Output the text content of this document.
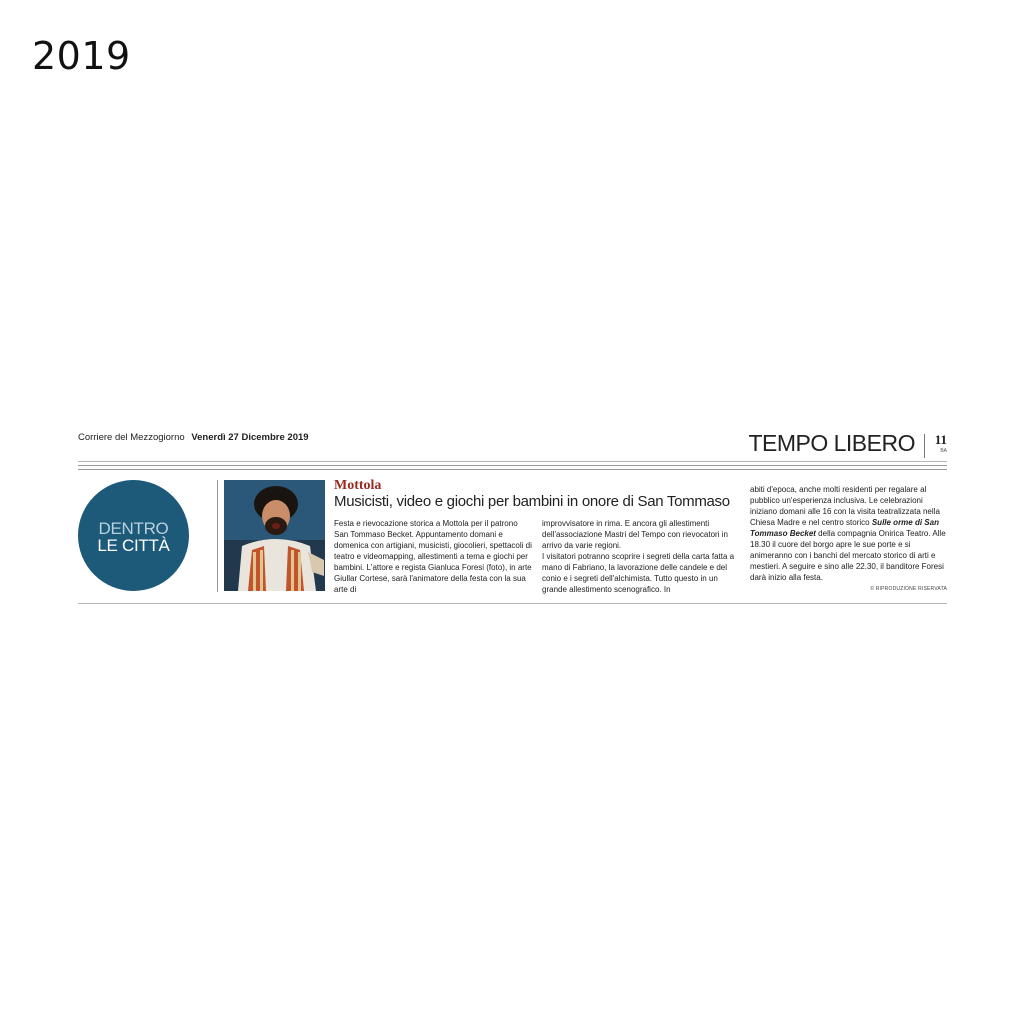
2019
Corriere del Mezzogiorno Venerdì 27 Dicembre 2019	TEMPO LIBERO 11
BA
DENTRO
LE CITTÀ
Mottola
Musicisti, video e giochi per bambini in onore di San Tommaso

Festa e rievocazione storica a Mottola per il patrono San Tommaso Becket. Appuntamento domani e domenica con artigiani, musicisti, giocolieri, spettacoli di teatro e videomapping, allestimenti a tema e giochi per bambini. L'attore e regista Gianluca Foresi (foto), in arte Giullar Cortese, sarà l'animatore della festa con la sua arte di

improvvisatore in rima. E ancora gli allestimenti dell'associazione Mastri del Tempo con rievocatori in arrivo da varie regioni.

I visitatori potranno scoprire i segreti della carta fatta a mano di Fabriano, la lavorazione delle candele e del conio e i segreti dell'alchimista. Tutto questo in un grande allestimento scenografico. In

abiti d'epoca, anche molti residenti per regalare al pubblico un'esperienza inclusiva. Le celebrazioni iniziano domani alle 16 con la visita teatralizzata nella Chiesa Madre e nel centro storico Sulle orme di San Tommaso Becket della compagnia Onirica Teatro. Alle 18.30 il cuore del borgo apre le sue porte e si animeranno con i banchi del mercato storico di arti e mestieri. A seguire e sino alle 22.30, il banditore Foresi darà inizio alla festa.

© RIPRODUZIONE RISERVATA
